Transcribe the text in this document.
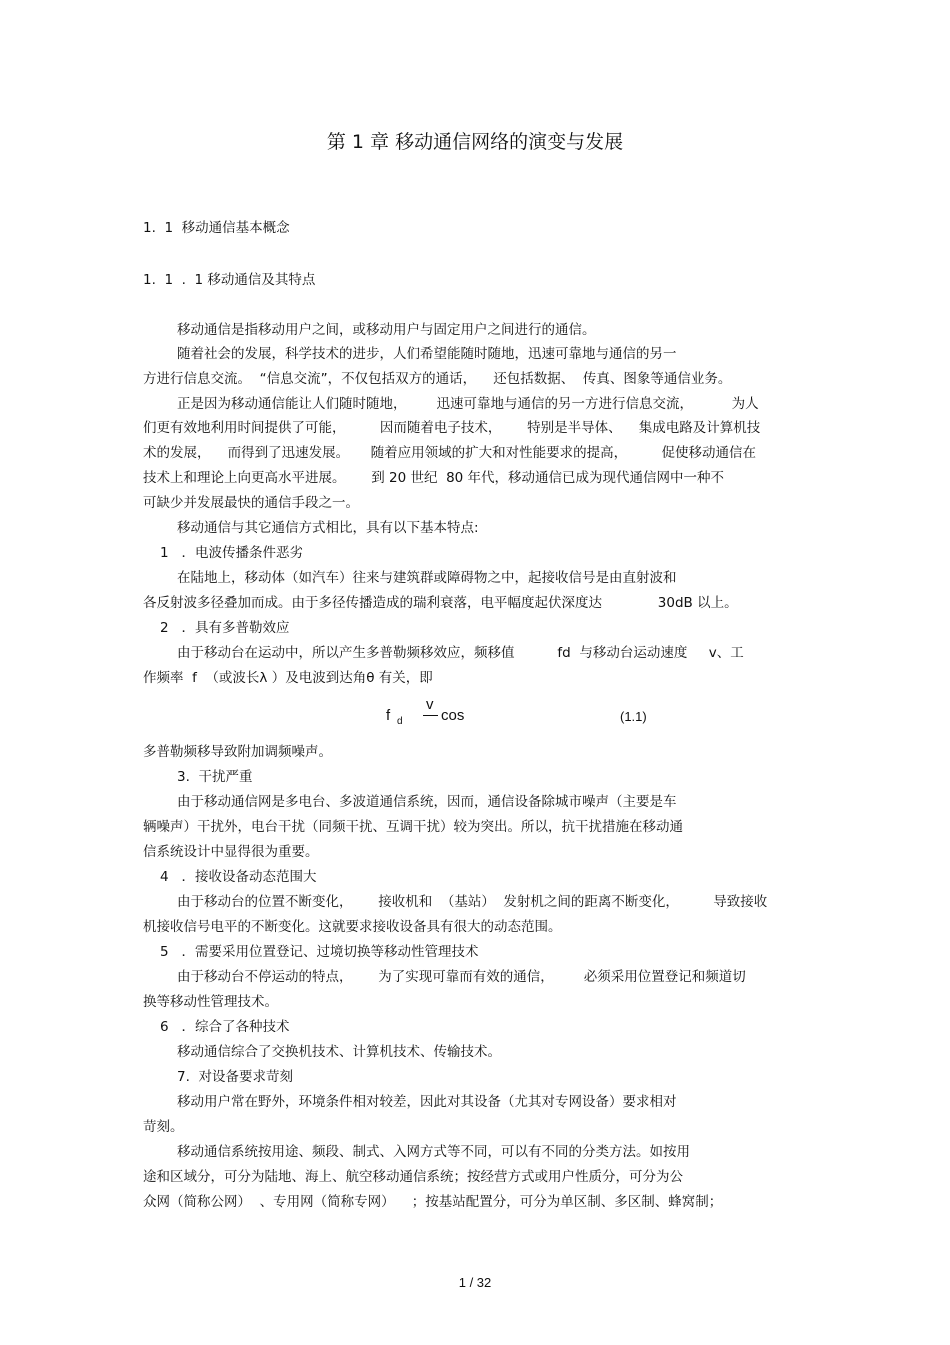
第 1 章 移动通信网络的演变与发展
1.  1  移动通信基本概念
1.  1  .  1 移动通信及其特点
移动通信是指移动用户之间，或移动用户与固定用户之间进行的通信。
随着社会的发展，科学技术的进步，人们希望能随时随地，迅速可靠地与通信的另一
方进行信息交流。  “信息交流”，不仅包括双方的通话，    还包括数据、  传真、图象等通信业务。
正是因为移动通信能让人们随时随地，       迅速可靠地与通信的另一方进行信息交流，         为人
们更有效地利用时间提供了可能，        因而随着电子技术，      特别是半导体、    集成电路及计算机技
术的发展，    而得到了迅速发展。     随着应用领域的扩大和对性能要求的提高，        促使移动通信在
技术上和理论上向更高水平进展。      到 20 世纪  80 年代，移动通信已成为现代通信网中一种不
可缺少并发展最快的通信手段之一。
移动通信与其它通信方式相比，具有以下基本特点:
1   ．电波传播条件恶劣
在陆地上，移动体（如汽车）往来与建筑群或障碍物之中，起接收信号是由直射波和
各反射波多径叠加而成。由于多径传播造成的瑞利衰落，电平幅度起伏深度达             30dB 以上。
2   ．具有多普勒效应
由于移动台在运动中，所以产生多普勒频移效应，频移值          fd  与移动台运动速度     v、工
作频率  f  （或波长λ ）及电波到达角θ 有关，即
f d
v
cos	(1.1)
多普勒频移导致附加调频噪声。
3.  干扰严重
由于移动通信网是多电台、多波道通信系统，因而，通信设备除城市噪声（主要是车
辆噪声）干扰外，电台干扰（同频干扰、互调干扰）较为突出。所以，抗干扰措施在移动通
信系统设计中显得很为重要。
4   ．接收设备动态范围大
由于移动台的位置不断变化，      接收机和  （基站）  发射机之间的距离不断变化，        导致接收
机接收信号电平的不断变化。这就要求接收设备具有很大的动态范围。
5   ．需要采用位置登记、过境切换等移动性管理技术
由于移动台不停运动的特点，      为了实现可靠而有效的通信，       必须采用位置登记和频道切
换等移动性管理技术。
6   ．综合了各种技术
移动通信综合了交换机技术、计算机技术、传输技术。
7.  对设备要求苛刻
移动用户常在野外，环境条件相对较差，因此对其设备（尤其对专网设备）要求相对
苛刻。
移动通信系统按用途、频段、制式、入网方式等不同，可以有不同的分类方法。如按用
途和区域分，可分为陆地、海上、航空移动通信系统；按经营方式或用户性质分，可分为公
众网（简称公网）  、专用网（简称专网）    ；按基站配置分，可分为单区制、多区制、蜂窝制；
1 / 32
